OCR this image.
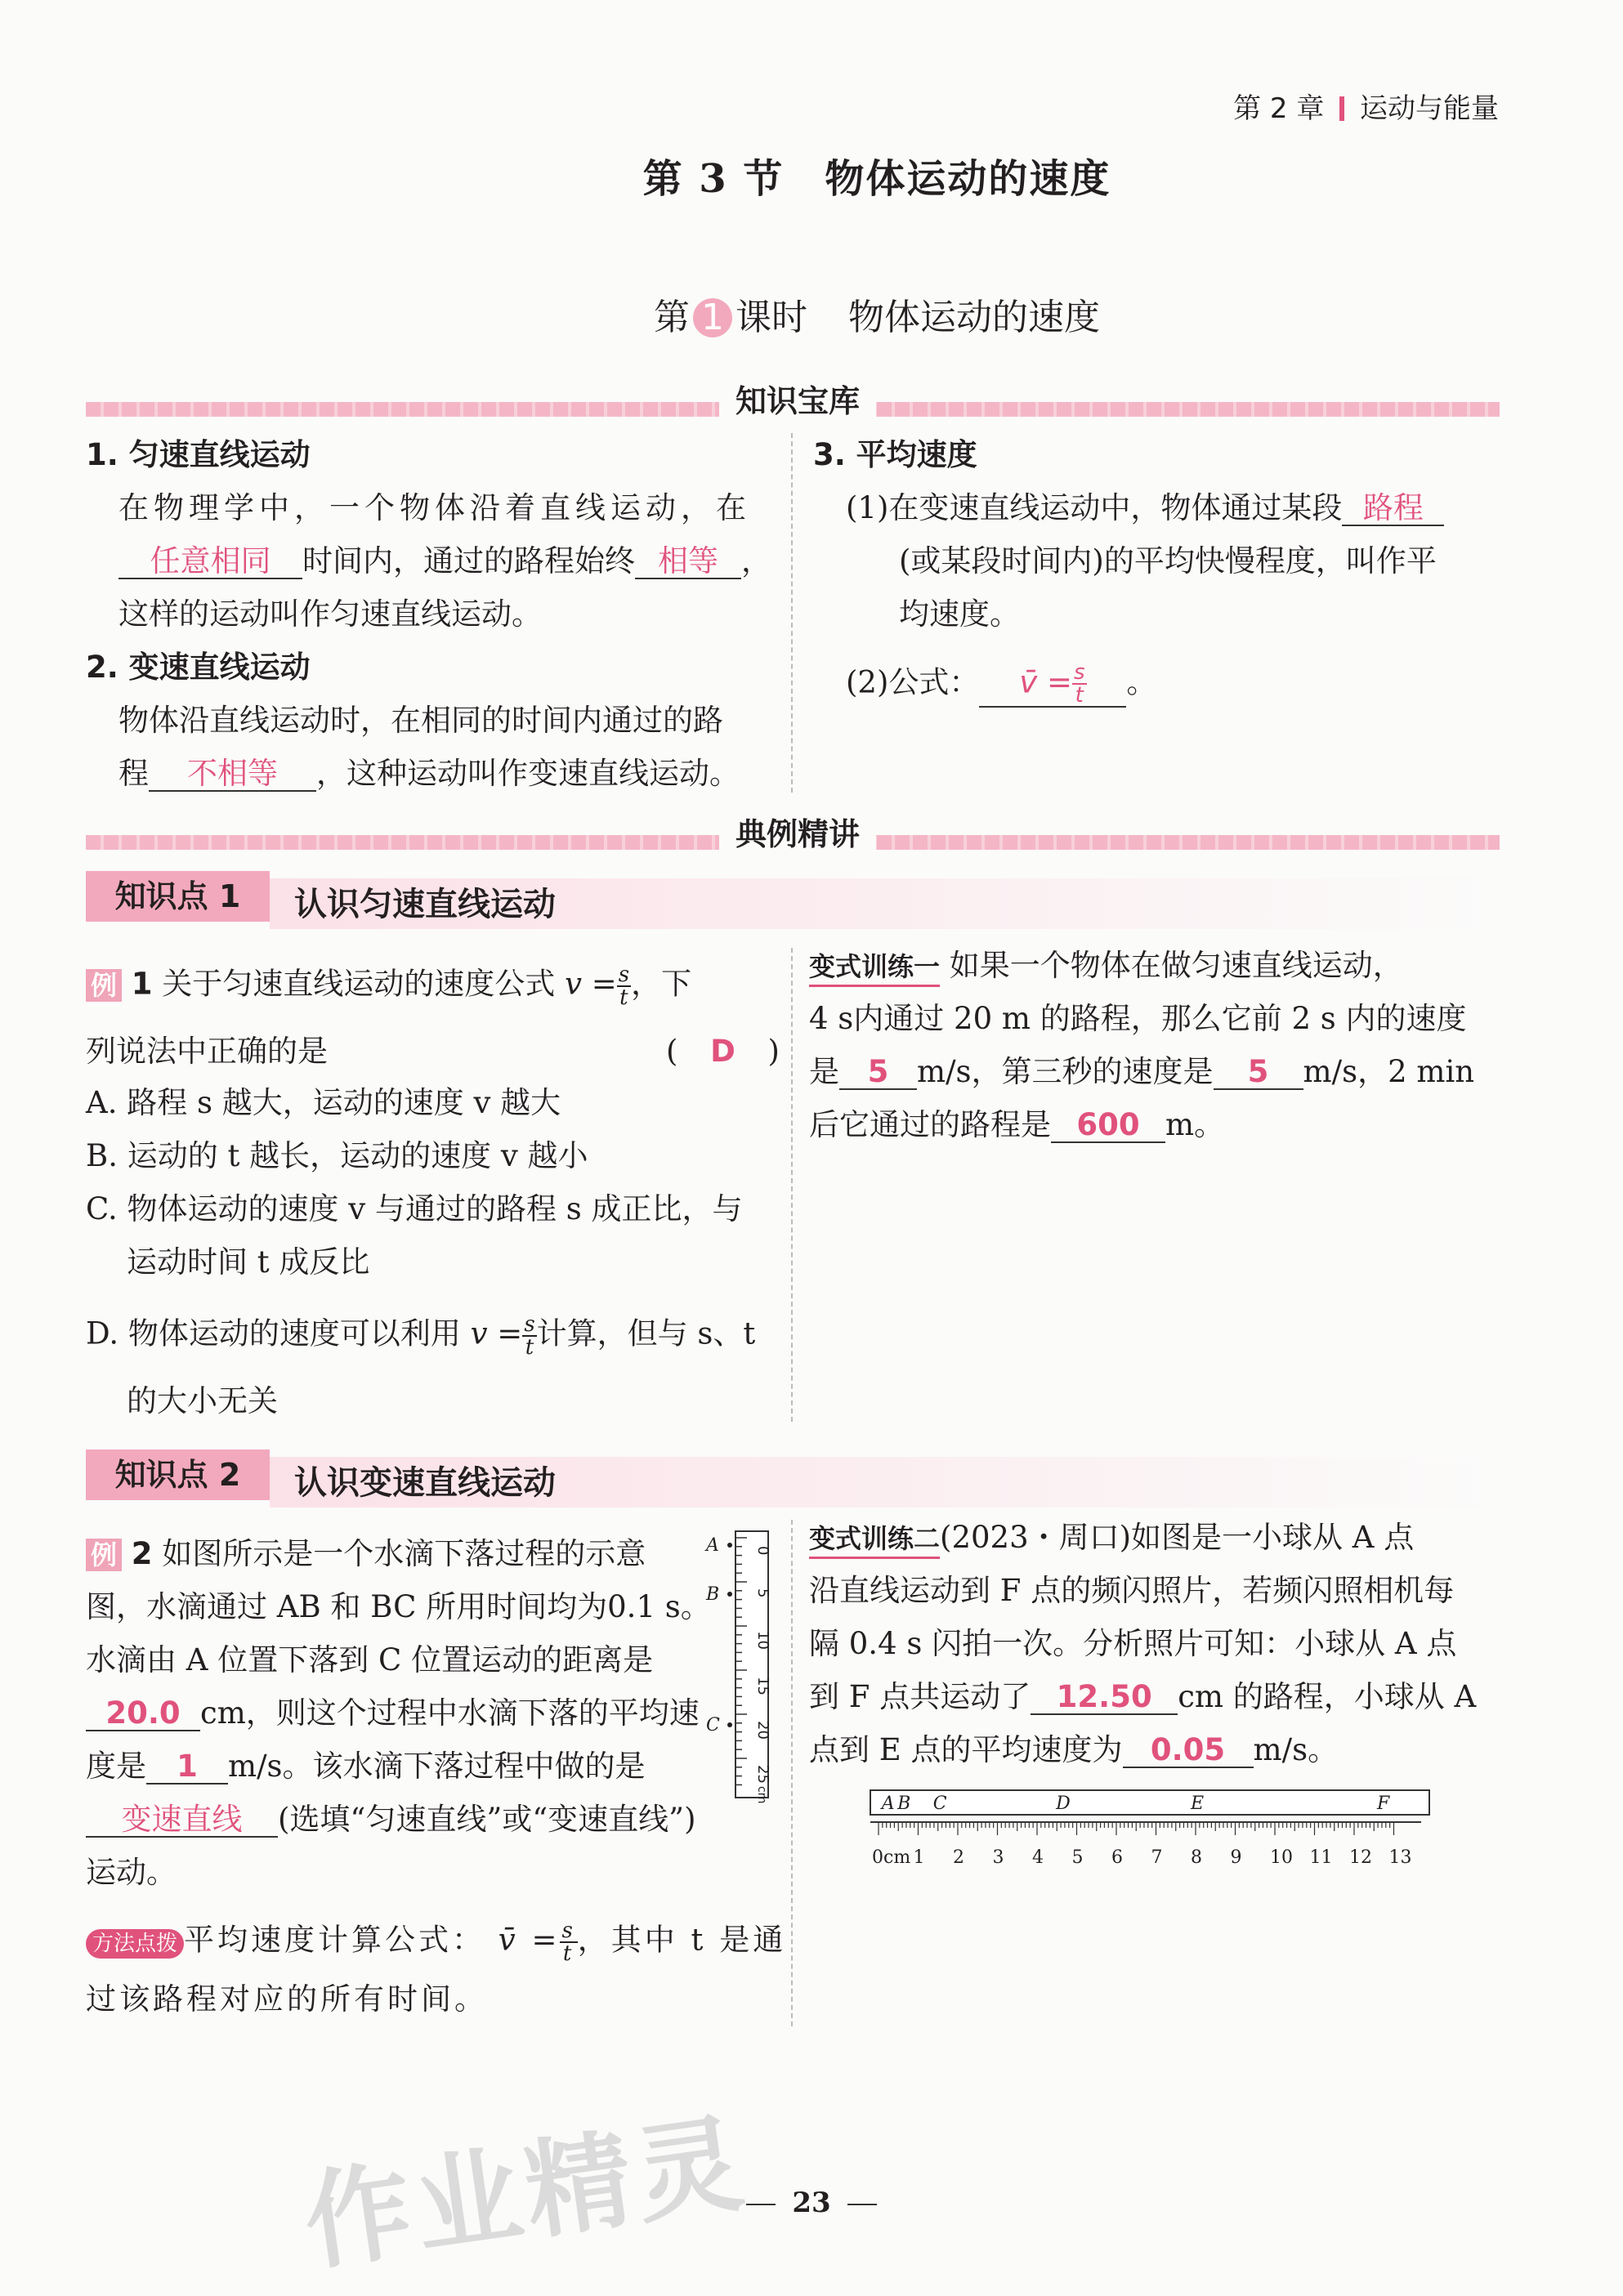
第 2 章 运动与能量
第 3 节　物体运动的速度
第 1 课时 物体运动的速度
知识宝库
1. 匀速直线运动
在物理学中，一个物体沿着直线运动，在
任意相同 时间内，通过的路程始终 相等 ，
这样的运动叫作匀速直线运动。
2. 变速直线运动
物体沿直线运动时，在相同的时间内通过的路
程 不相等 ，这种运动叫作变速直线运动。
3. 平均速度
(1)在变速直线运动中，物体通过某段 路程
(或某段时间内)的平均快慢程度，叫作平
均速度。
(2)公式： v̄ = $\frac{s}{t}$ 。
典例精讲
知识点 1	认识匀速直线运动
例 1 关于匀速直线运动的速度公式 $v = \frac{s}{t}$ ，下
列说法中正确的是	( D )
A. 路程 s 越大，运动的速度 v 越大
B. 运动的 t 越长，运动的速度 v 越小
C. 物体运动的速度 v 与通过的路程 s 成正比，与
运动时间 t 成反比
D. 物体运动的速度可以利用 $v = \frac{s}{t}$ 计算，但与 s、t
的大小无关
变式训练一 如果一个物体在做匀速直线运动，
4 s内通过 20 m 的路程，那么它前 2 s 内的速度
是 5 m/s，第三秒的速度是 5 m/s，2 min
后它通过的路程是 600 m。
知识点 2	认识变速直线运动
例 2 如图所示是一个水滴下落过程的示意
图，水滴通过 AB 和 BC 所用时间均为0.1 s。
水滴由 A 位置下落到 C 位置运动的距离是
20.0 cm，则这个过程中水滴下落的平均速
度是 1 m/s。该水滴下落过程中做的是
变速直线 (选填“匀速直线”或“变速直线”)
运动。
A
B
C
0
5
10
15
20
25
cm
方法点拨 平均速度计算公式： v̄ = $\frac{s}{t}$ ，其中 t 是通
过该路程对应的所有时间。
变式训练二(2023・周口)如图是一小球从 A 点
沿直线运动到 F 点的频闪照片，若频闪照相机每
隔 0.4 s 闪拍一次。分析照片可知：小球从 A 点
到 F 点共运动了 12.50 cm 的路程，小球从 A
点到 E 点的平均速度为 0.05 m/s。
A B C	D	E	F
0cm 1 2 3 4 5 6 7 8 9 10 11 12 13
23
作业精灵
